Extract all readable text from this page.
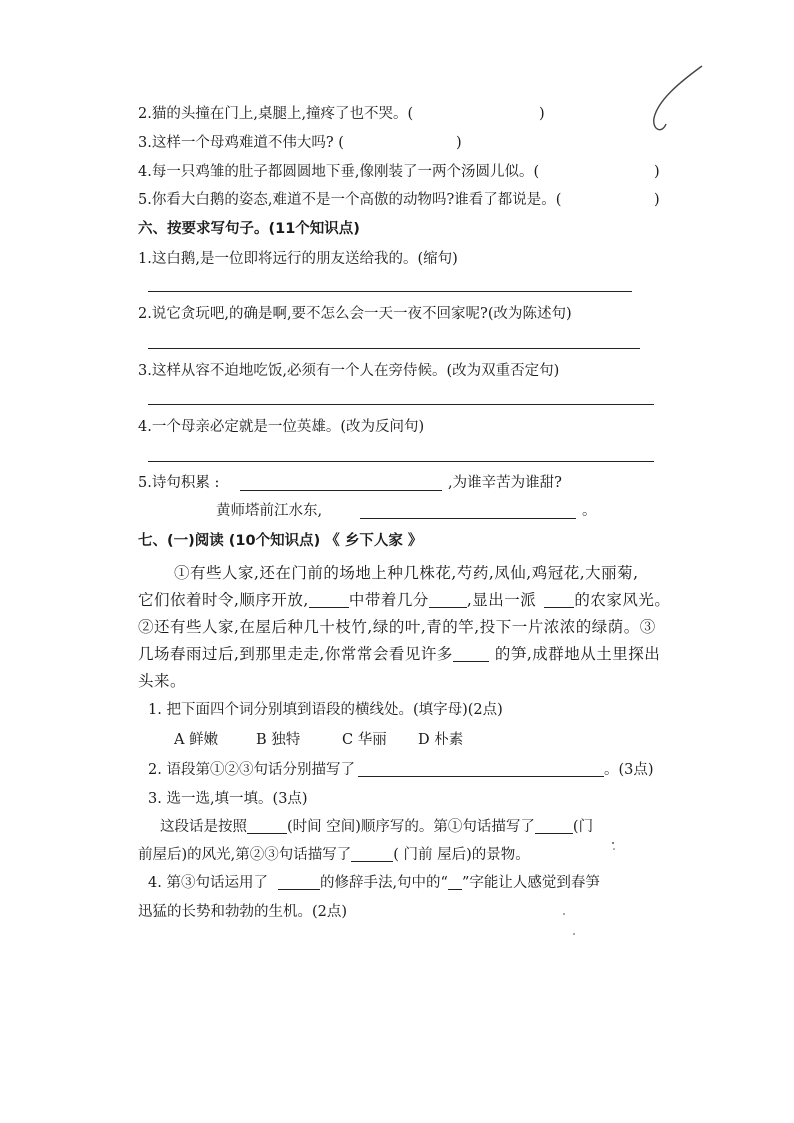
2.猫的头撞在门上,桌腿上,撞疼了也不哭。(	)
3.这样一个母鸡难道不伟大吗? (	)
4.每一只鸡雏的肚子都圆圆地下垂,像刚装了一两个汤圆儿似。(	)
5.你看大白鹅的姿态,难道不是一个高傲的动物吗?谁看了都说是。(	)
六、按要求写句子。(11个知识点)
1.这白鹅,是一位即将远行的朋友送给我的。(缩句)
2.说它贪玩吧,的确是啊,要不怎么会一天一夜不回家呢?(改为陈述句)
3.这样从容不迫地吃饭,必须有一个人在旁侍候。(改为双重否定句)
4.一个母亲必定就是一位英雄。(改为反问句)
5.诗句积累 :	,为谁辛苦为谁甜?
黄师塔前江水东,	。
七、(一)阅读 (10个知识点) 《 乡下人家 》
①有些人家,还在门前的场地上种几株花,芍药,凤仙,鸡冠花,大丽菊,
它们依着时令,顺序开放,	中带着几分 ,显出一派 的农家风光。
②还有些人家,在屋后种几十枝竹,绿的叶,青的竿,投下一片浓浓的绿荫。③
几场春雨过后,到那里走走,你常常会看见许多	的笋,成群地从土里探出
头来。
1. 把下面四个词分别填到语段的横线处。(填字母)(2点)
A 鲜嫩	B 独特	C 华丽 D 朴素
2. 语段第①②③句话分别描写了	。(3点)
3. 选一选,填一填。(3点)
这段话是按照	(时间 空间)顺序写的。第①句话描写了	(门
前屋后)的风光,第②③句话描写了	( 门前 屋后)的景物。
4. 第③句话运用了	的修辞手法,句中的“ ”字能让人感觉到春笋
迅猛的长势和勃勃的生机。(2点)
